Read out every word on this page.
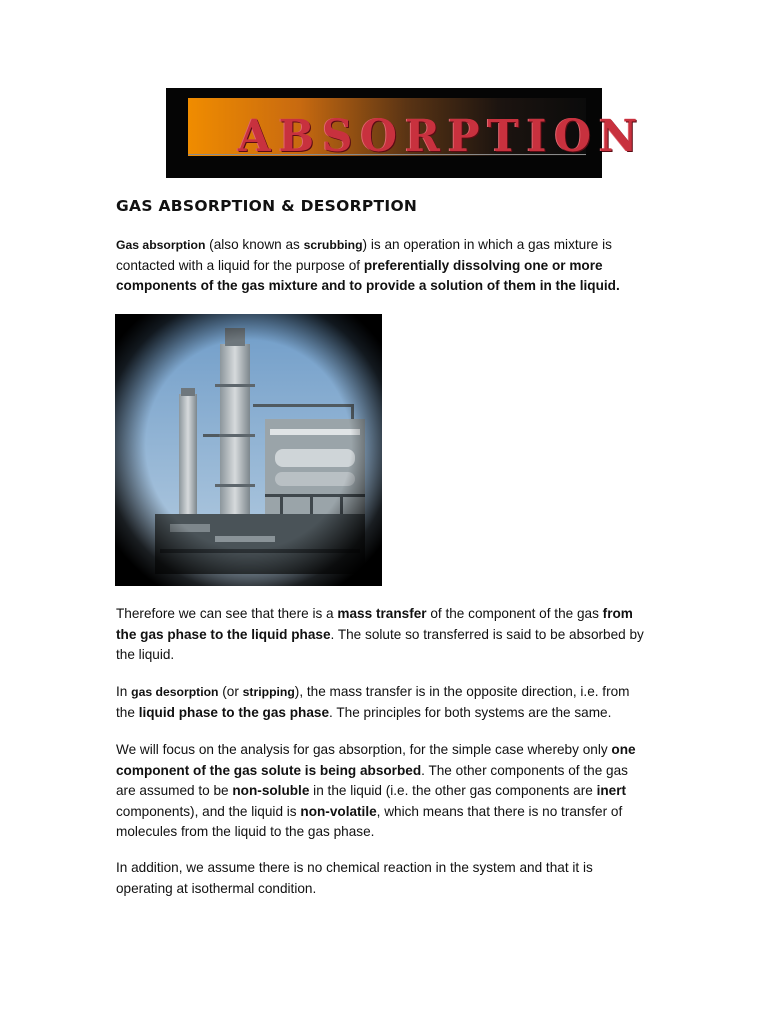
ABSORPTION
GAS ABSORPTION & DESORPTION
Gas absorption (also known as scrubbing) is an operation in which a gas mixture is contacted with a liquid for the purpose of preferentially dissolving one or more components of the gas mixture and to provide a solution of them in the liquid.
Therefore we can see that there is a mass transfer of the component of the gas from the gas phase to the liquid phase. The solute so transferred is said to be absorbed by the liquid.
In gas desorption (or stripping), the mass transfer is in the opposite direction, i.e. from the liquid phase to the gas phase. The principles for both systems are the same.
We will focus on the analysis for gas absorption, for the simple case whereby only one component of the gas solute is being absorbed. The other components of the gas are assumed to be non-soluble in the liquid (i.e. the other gas components are inert components), and the liquid is non-volatile, which means that there is no transfer of molecules from the liquid to the gas phase.
In addition, we assume there is no chemical reaction in the system and that it is operating at isothermal condition.
